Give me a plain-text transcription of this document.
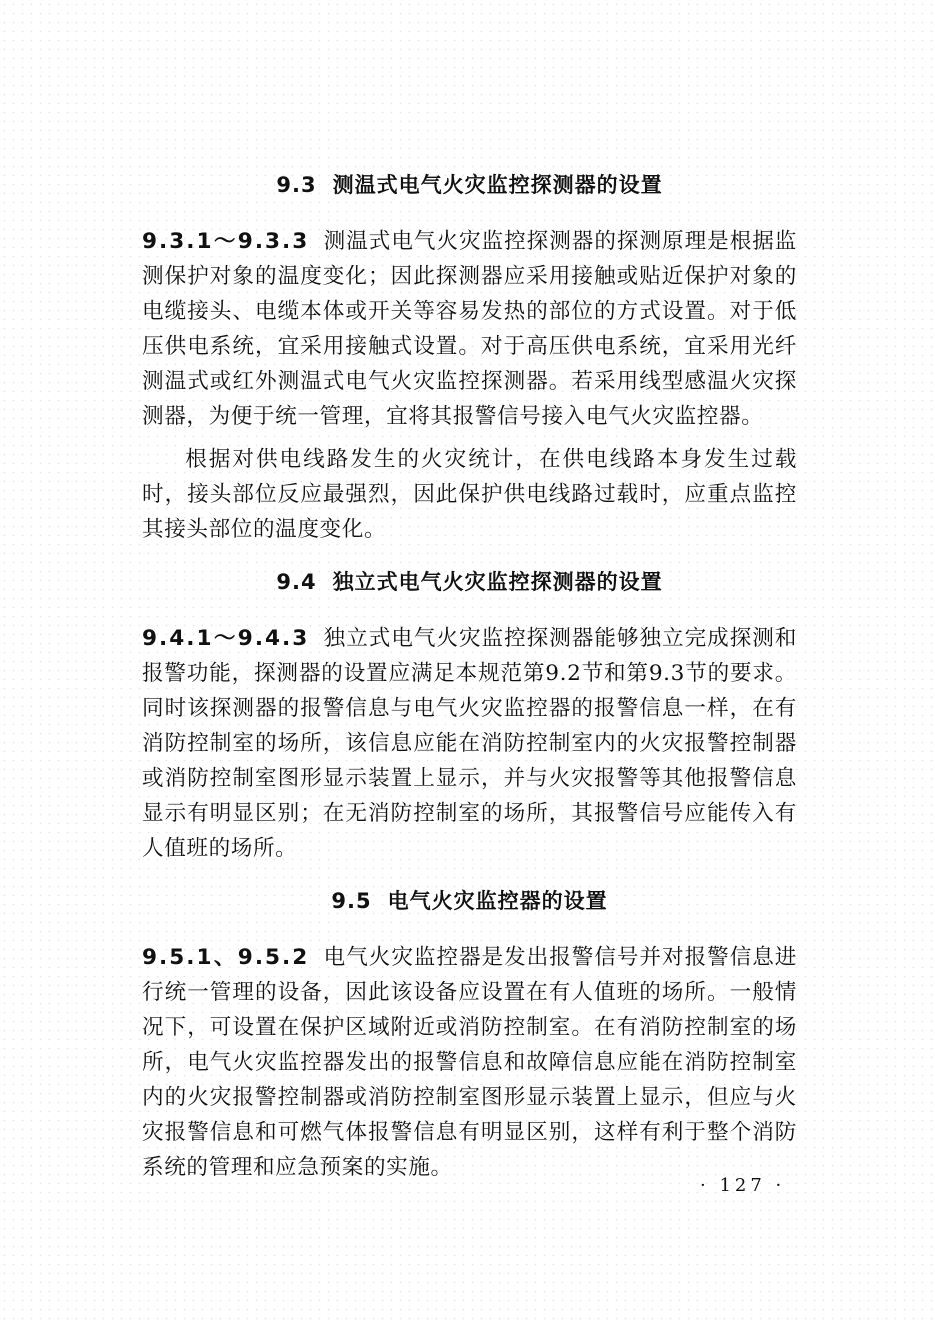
9.3 测温式电气火灾监控探测器的设置

9.3.1～9.3.3 测温式电气火灾监控探测器的探测原理是根据监测保护对象的温度变化；因此探测器应采用接触或贴近保护对象的电缆接头、电缆本体或开关等容易发热的部位的方式设置。对于低压供电系统，宜采用接触式设置。对于高压供电系统，宜采用光纤测温式或红外测温式电气火灾监控探测器。若采用线型感温火灾探测器，为便于统一管理，宜将其报警信号接入电气火灾监控器。

根据对供电线路发生的火灾统计，在供电线路本身发生过载时，接头部位反应最强烈，因此保护供电线路过载时，应重点监控其接头部位的温度变化。

9.4 独立式电气火灾监控探测器的设置

9.4.1～9.4.3 独立式电气火灾监控探测器能够独立完成探测和报警功能，探测器的设置应满足本规范第9.2节和第9.3节的要求。同时该探测器的报警信息与电气火灾监控器的报警信息一样，在有消防控制室的场所，该信息应能在消防控制室内的火灾报警控制器或消防控制室图形显示装置上显示，并与火灾报警等其他报警信息显示有明显区别；在无消防控制室的场所，其报警信号应能传入有人值班的场所。

9.5 电气火灾监控器的设置

9.5.1、9.5.2 电气火灾监控器是发出报警信号并对报警信息进行统一管理的设备，因此该设备应设置在有人值班的场所。一般情况下，可设置在保护区域附近或消防控制室。在有消防控制室的场所，电气火灾监控器发出的报警信息和故障信息应能在消防控制室内的火灾报警控制器或消防控制室图形显示装置上显示，但应与火灾报警信息和可燃气体报警信息有明显区别，这样有利于整个消防系统的管理和应急预案的实施。

· 127 ·
